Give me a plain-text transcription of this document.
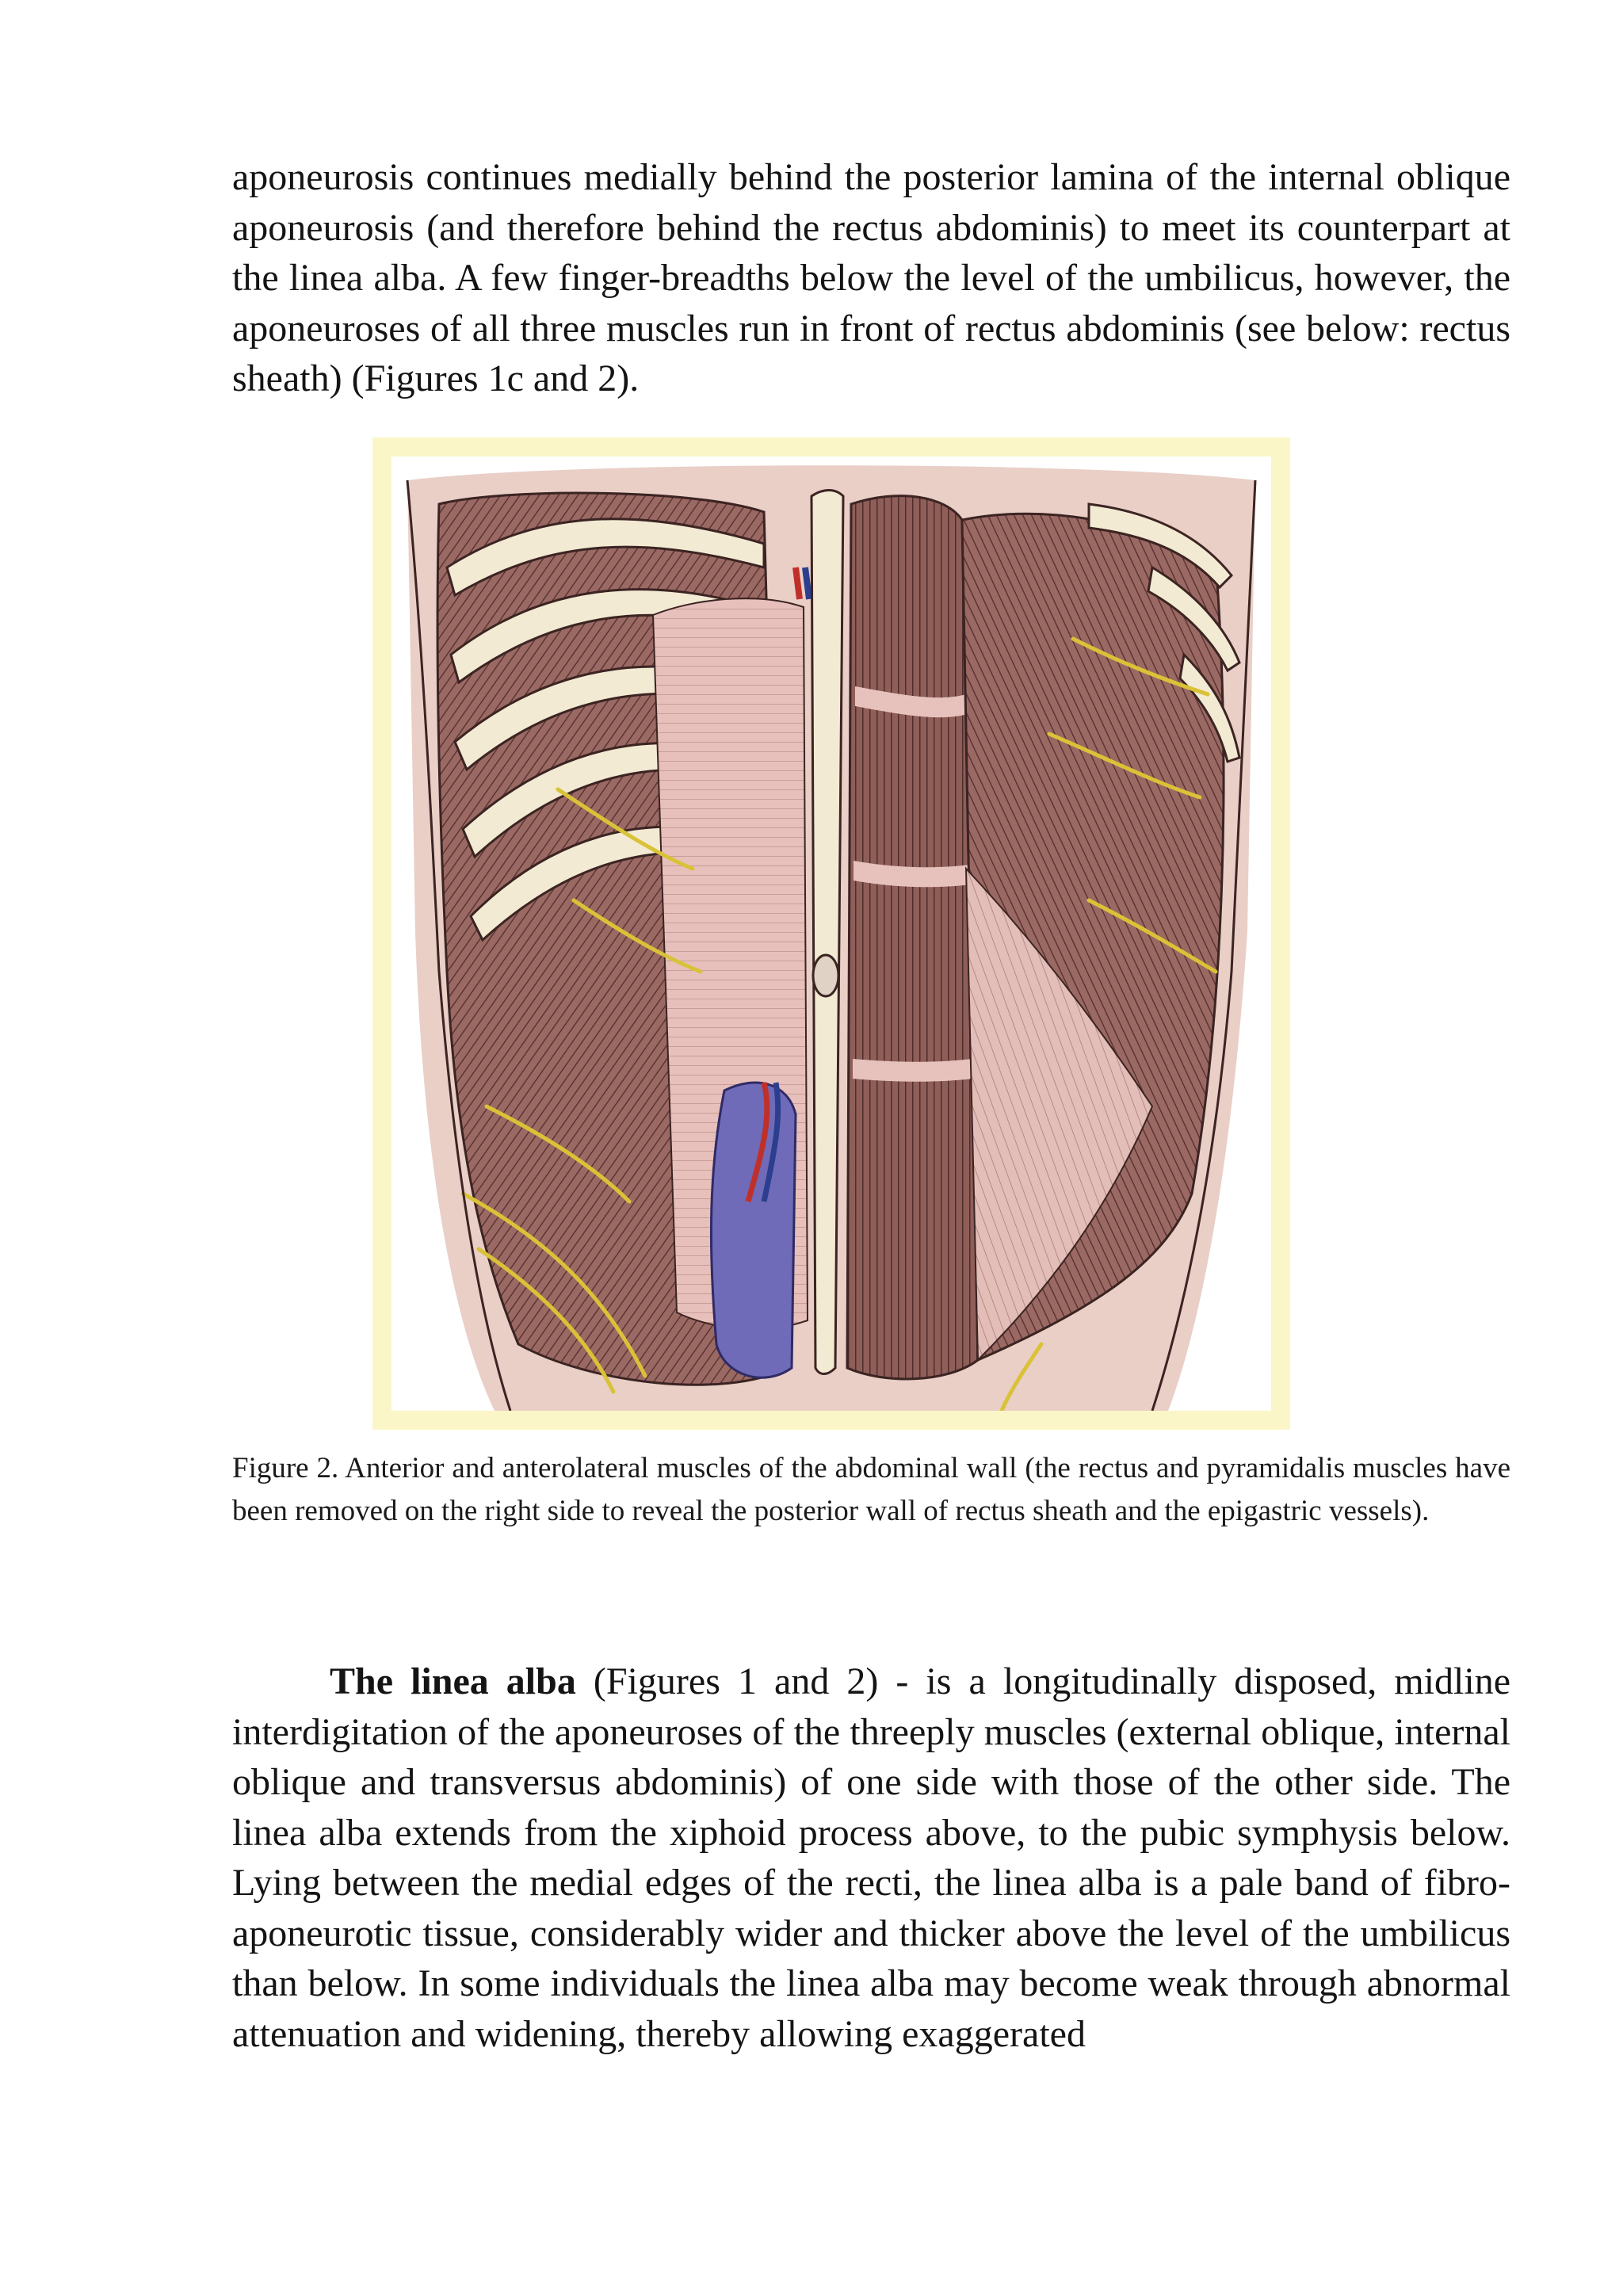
aponeurosis continues medially behind the posterior lamina of the internal oblique aponeurosis (and therefore behind the rectus abdominis) to meet its counterpart at the linea alba. A few finger-breadths below the level of the umbilicus, however, the aponeuroses of all three muscles run in front of rectus abdominis (see below: rectus sheath) (Figures 1c and 2).

Figure 2. Anterior and anterolateral muscles of the abdominal wall (the rectus and pyramidalis muscles have been removed on the right side to reveal the posterior wall of rectus sheath and the epigastric vessels).

The linea alba (Figures 1 and 2) - is a longitudinally disposed, midline interdigitation of the aponeuroses of the threeply muscles (external oblique, internal oblique and transversus abdominis) of one side with those of the other side. The linea alba extends from the xiphoid process above, to the pubic symphysis below. Lying between the medial edges of the recti, the linea alba is a pale band of fibro-aponeurotic tissue, considerably wider and thicker above the level of the umbilicus than below. In some individuals the linea alba may become weak through abnormal attenuation and widening, thereby allowing exaggerated
